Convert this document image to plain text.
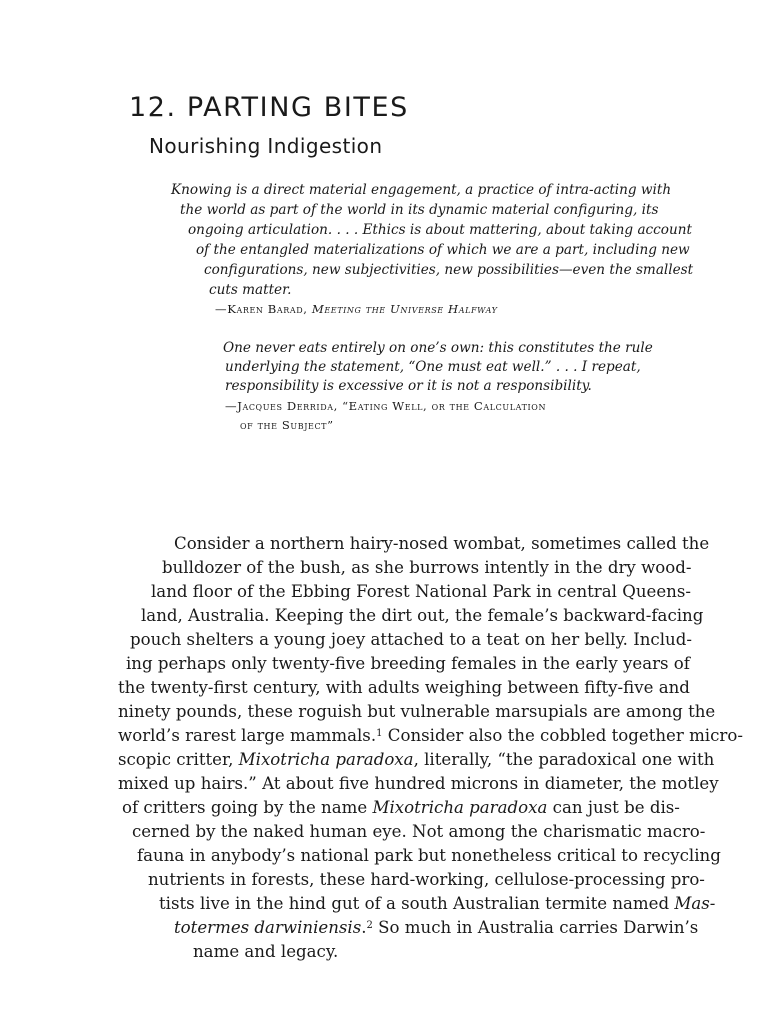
12. PARTING BITES
Nourishing Indigestion
Knowing is a direct material engagement, a practice of intra-acting with
the world as part of the world in its dynamic material configuring, its
ongoing articulation. . . . Ethics is about mattering, about taking account
of the entangled materializations of which we are a part, including new
configurations, new subjectivities, new possibilities—even the smallest
cuts matter.
—Karen Barad, Meeting the Universe Halfway
One never eats entirely on one’s own: this constitutes the rule
underlying the statement, “One must eat well.” . . . I repeat,
responsibility is excessive or it is not a responsibility.
—Jacques Derrida, “Eating Well, or the Calculation
of the Subject”
Consider a northern hairy-nosed wombat, sometimes called the
bulldozer of the bush, as she burrows intently in the dry wood-
land floor of the Ebbing Forest National Park in central Queens-
land, Australia. Keeping the dirt out, the female’s backward-facing
pouch shelters a young joey attached to a teat on her belly. Includ-
ing perhaps only twenty-five breeding females in the early years of
the twenty-first century, with adults weighing between fifty-five and
ninety pounds, these roguish but vulnerable marsupials are among the
world’s rarest large mammals.$^1$ Consider also the cobbled together micro-
scopic critter, Mixotricha paradoxa, literally, “the paradoxical one with
mixed up hairs.” At about five hundred microns in diameter, the motley
of critters going by the name Mixotricha paradoxa can just be dis-
cerned by the naked human eye. Not among the charismatic macro-
fauna in anybody’s national park but nonetheless critical to recycling
nutrients in forests, these hard-working, cellulose-processing pro-
tists live in the hind gut of a south Australian termite named Mas-
totermes darwiniensis.$^2$ So much in Australia carries Darwin’s
name and legacy.
